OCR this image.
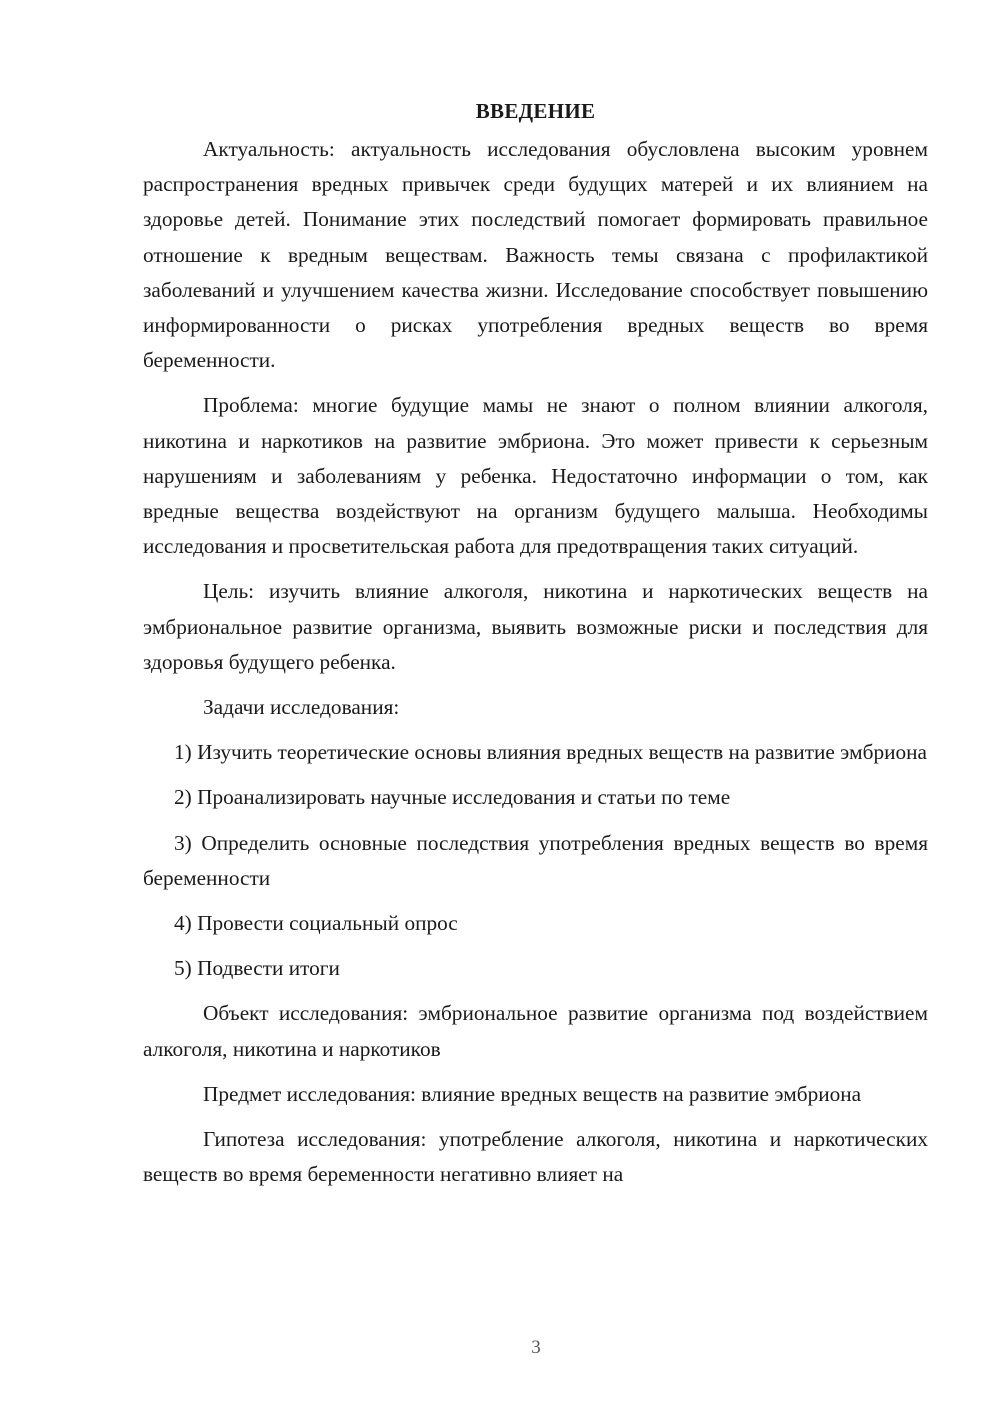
ВВЕДЕНИЕ

Актуальность: актуальность исследования обусловлена высоким уровнем распространения вредных привычек среди будущих матерей и их влиянием на здоровье детей. Понимание этих последствий помогает формировать правильное отношение к вредным веществам. Важность темы связана с профилактикой заболеваний и улучшением качества жизни. Исследование способствует повышению информированности о рисках употребления вредных веществ во время беременности.

Проблема: многие будущие мамы не знают о полном влиянии алкоголя, никотина и наркотиков на развитие эмбриона. Это может привести к серьезным нарушениям и заболеваниям у ребенка. Недостаточно информации о том, как вредные вещества воздействуют на организм будущего малыша. Необходимы исследования и просветительская работа для предотвращения таких ситуаций.

Цель: изучить влияние алкоголя, никотина и наркотических веществ на эмбриональное развитие организма, выявить возможные риски и последствия для здоровья будущего ребенка.

Задачи исследования:

1) Изучить теоретические основы влияния вредных веществ на развитие эмбриона

2) Проанализировать научные исследования и статьи по теме

3) Определить основные последствия употребления вредных веществ во время беременности

4) Провести социальный опрос

5) Подвести итоги

Объект исследования: эмбриональное развитие организма под воздействием алкоголя, никотина и наркотиков

Предмет исследования: влияние вредных веществ на развитие эмбриона

Гипотеза исследования: употребление алкоголя, никотина и наркотических веществ во время беременности негативно влияет на

3
